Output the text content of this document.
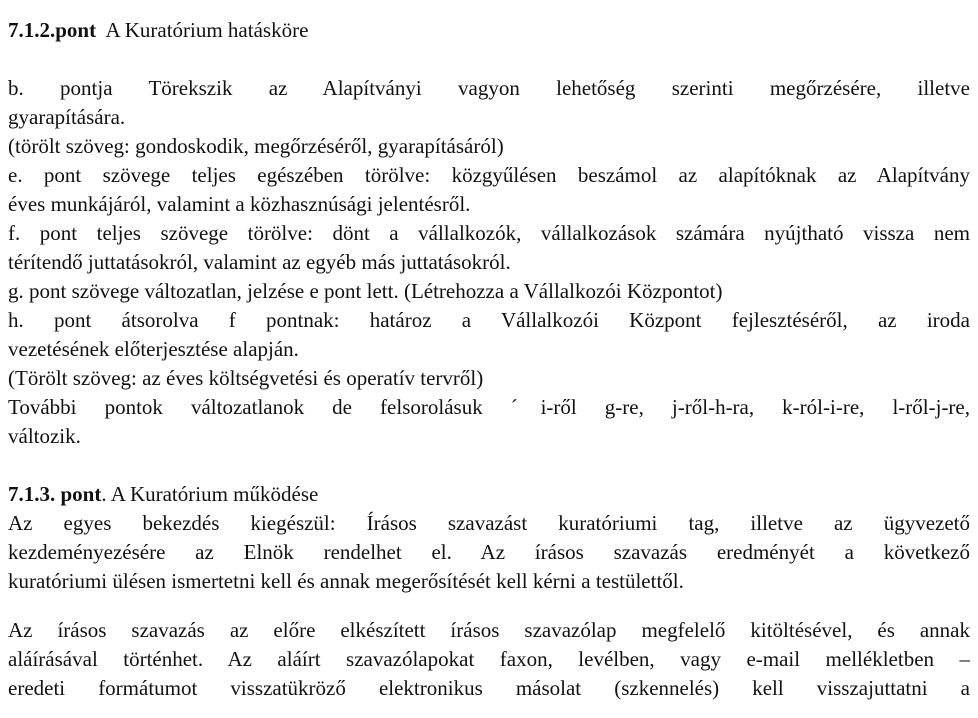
7.1.2.pont A Kuratórium hatásköre

b. pontja Törekszik az Alapítványi vagyon lehetőség szerinti megőrzésére, illetve

gyarapítására.

(törölt szöveg: gondoskodik, megőrzéséről, gyarapításáról)

e. pont szövege teljes egészében törölve: közgyűlésen beszámol az alapítóknak az Alapítvány

éves munkájáról, valamint a közhasznúsági jelentésről.

f. pont teljes szövege törölve: dönt a vállalkozók, vállalkozások számára nyújtható vissza nem

térítendő juttatásokról, valamint az egyéb más juttatásokról.

g. pont szövege változatlan, jelzése e pont lett. (Létrehozza a Vállalkozói Központot)

h. pont átsorolva f pontnak: határoz a Vállalkozói Központ fejlesztéséről, az iroda

vezetésének előterjesztése alapján.

(Törölt szöveg: az éves költségvetési és operatív tervről)

További pontok változatlanok de felsorolásuk ˊi-ről g-re, j-ről-h-ra, k-ról-i-re, l-ről-j-re,

változik.

7.1.3. pont. A Kuratórium működése

Az egyes bekezdés kiegészül: Írásos szavazást kuratóriumi tag, illetve az ügyvezető

kezdeményezésére az Elnök rendelhet el. Az írásos szavazás eredményét a következő

kuratóriumi ülésen ismertetni kell és annak megerősítését kell kérni a testülettől.

Az írásos szavazás az előre elkészített írásos szavazólap megfelelő kitöltésével, és annak

aláírásával történhet. Az aláírt szavazólapokat faxon, levélben, vagy e-mail mellékletben –

eredeti formátumot visszatükröző elektronikus másolat (szkennelés) kell visszajuttatni a
